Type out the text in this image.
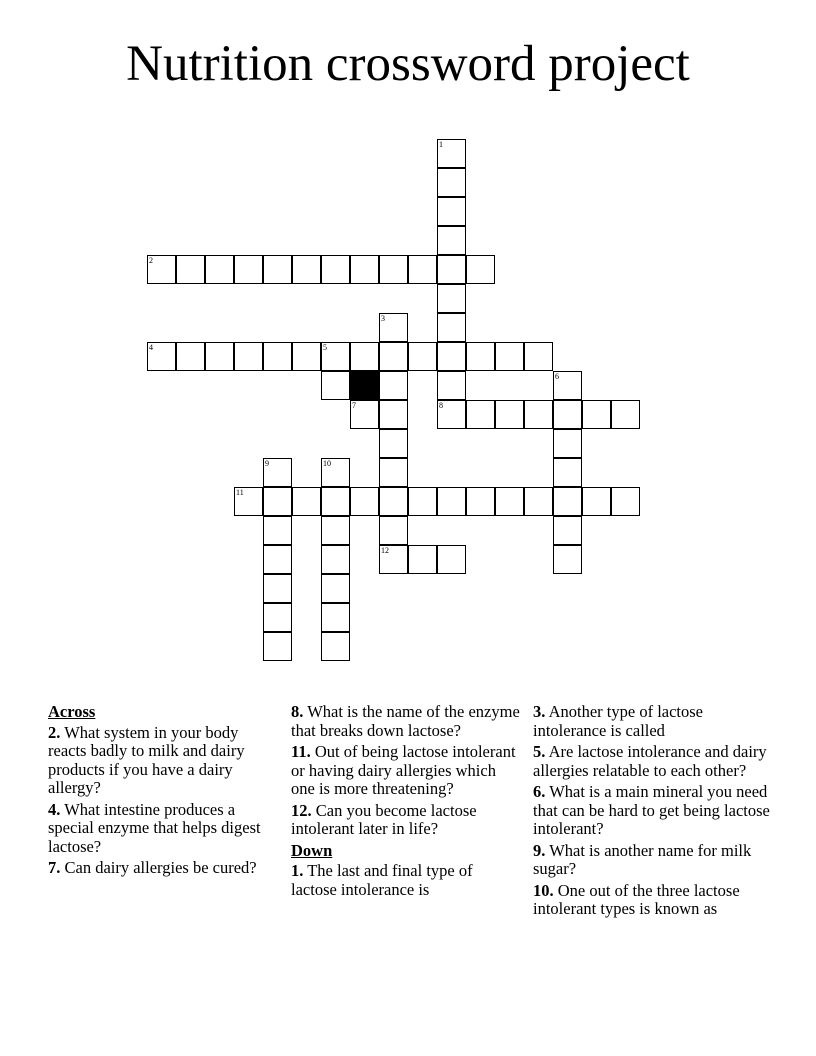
Nutrition crossword project
1
2
3
12
4	5
6
7	8
9	10
11
Across
2. What system in your body reacts badly to milk and dairy products if you have a dairy allergy?
4. What intestine produces a special enzyme that helps digest lactose?
7. Can dairy allergies be cured?
8. What is the name of the enzyme that breaks down lactose?
11. Out of being lactose intolerant or having dairy allergies which one is more threatening?
12. Can you become lactose intolerant later in life?
Down
1. The last and final type of lactose intolerance is
3. Another type of lactose intolerance is called
5. Are lactose intolerance and dairy allergies relatable to each other?
6. What is a main mineral you need that can be hard to get being lactose intolerant?
9. What is another name for milk sugar?
10. One out of the three lactose intolerant types is known as
